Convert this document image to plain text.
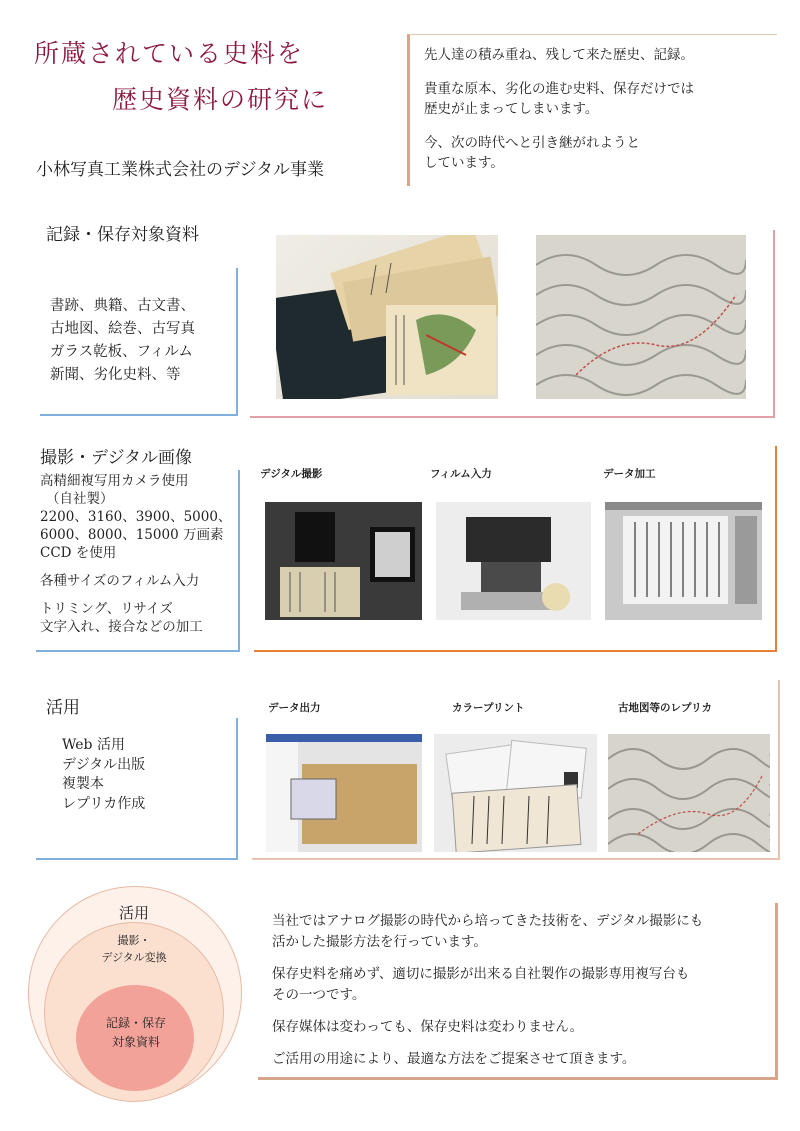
所蔵されている史料を
歴史資料の研究に
小林写真工業株式会社のデジタル事業

先人達の積み重ね、残して来た歴史、記録。

貴重な原本、劣化の進む史料、保存だけでは
歴史が止まってしまいます。

今、次の時代へと引き継がれようと
しています。

記録・保存対象資料
書跡、典籍、古文書、
古地図、絵巻、古写真
ガラス乾板、フィルム
新聞、劣化史料、等
撮影・デジタル画像
高精細複写用カメラ使用
（自社製）
2200、3160、3900、5000、
6000、8000、15000 万画素
CCD を使用
各種サイズのフィルム入力
トリミング、リサイズ
文字入れ、接合などの加工
デジタル撮影	フィルム入力	データ加工
活用
Web 活用
デジタル出版
複製本
レプリカ作成
データ出力	カラープリント	古地図等のレプリカ
活用
撮影・
デジタル変換
記録・保存
対象資料

当社ではアナログ撮影の時代から培ってきた技術を、デジタル撮影にも
活かした撮影方法を行っています。

保存史料を痛めず、適切に撮影が出来る自社製作の撮影専用複写台も
その一つです。

保存媒体は変わっても、保存史料は変わりません。

ご活用の用途により、最適な方法をご提案させて頂きます。
